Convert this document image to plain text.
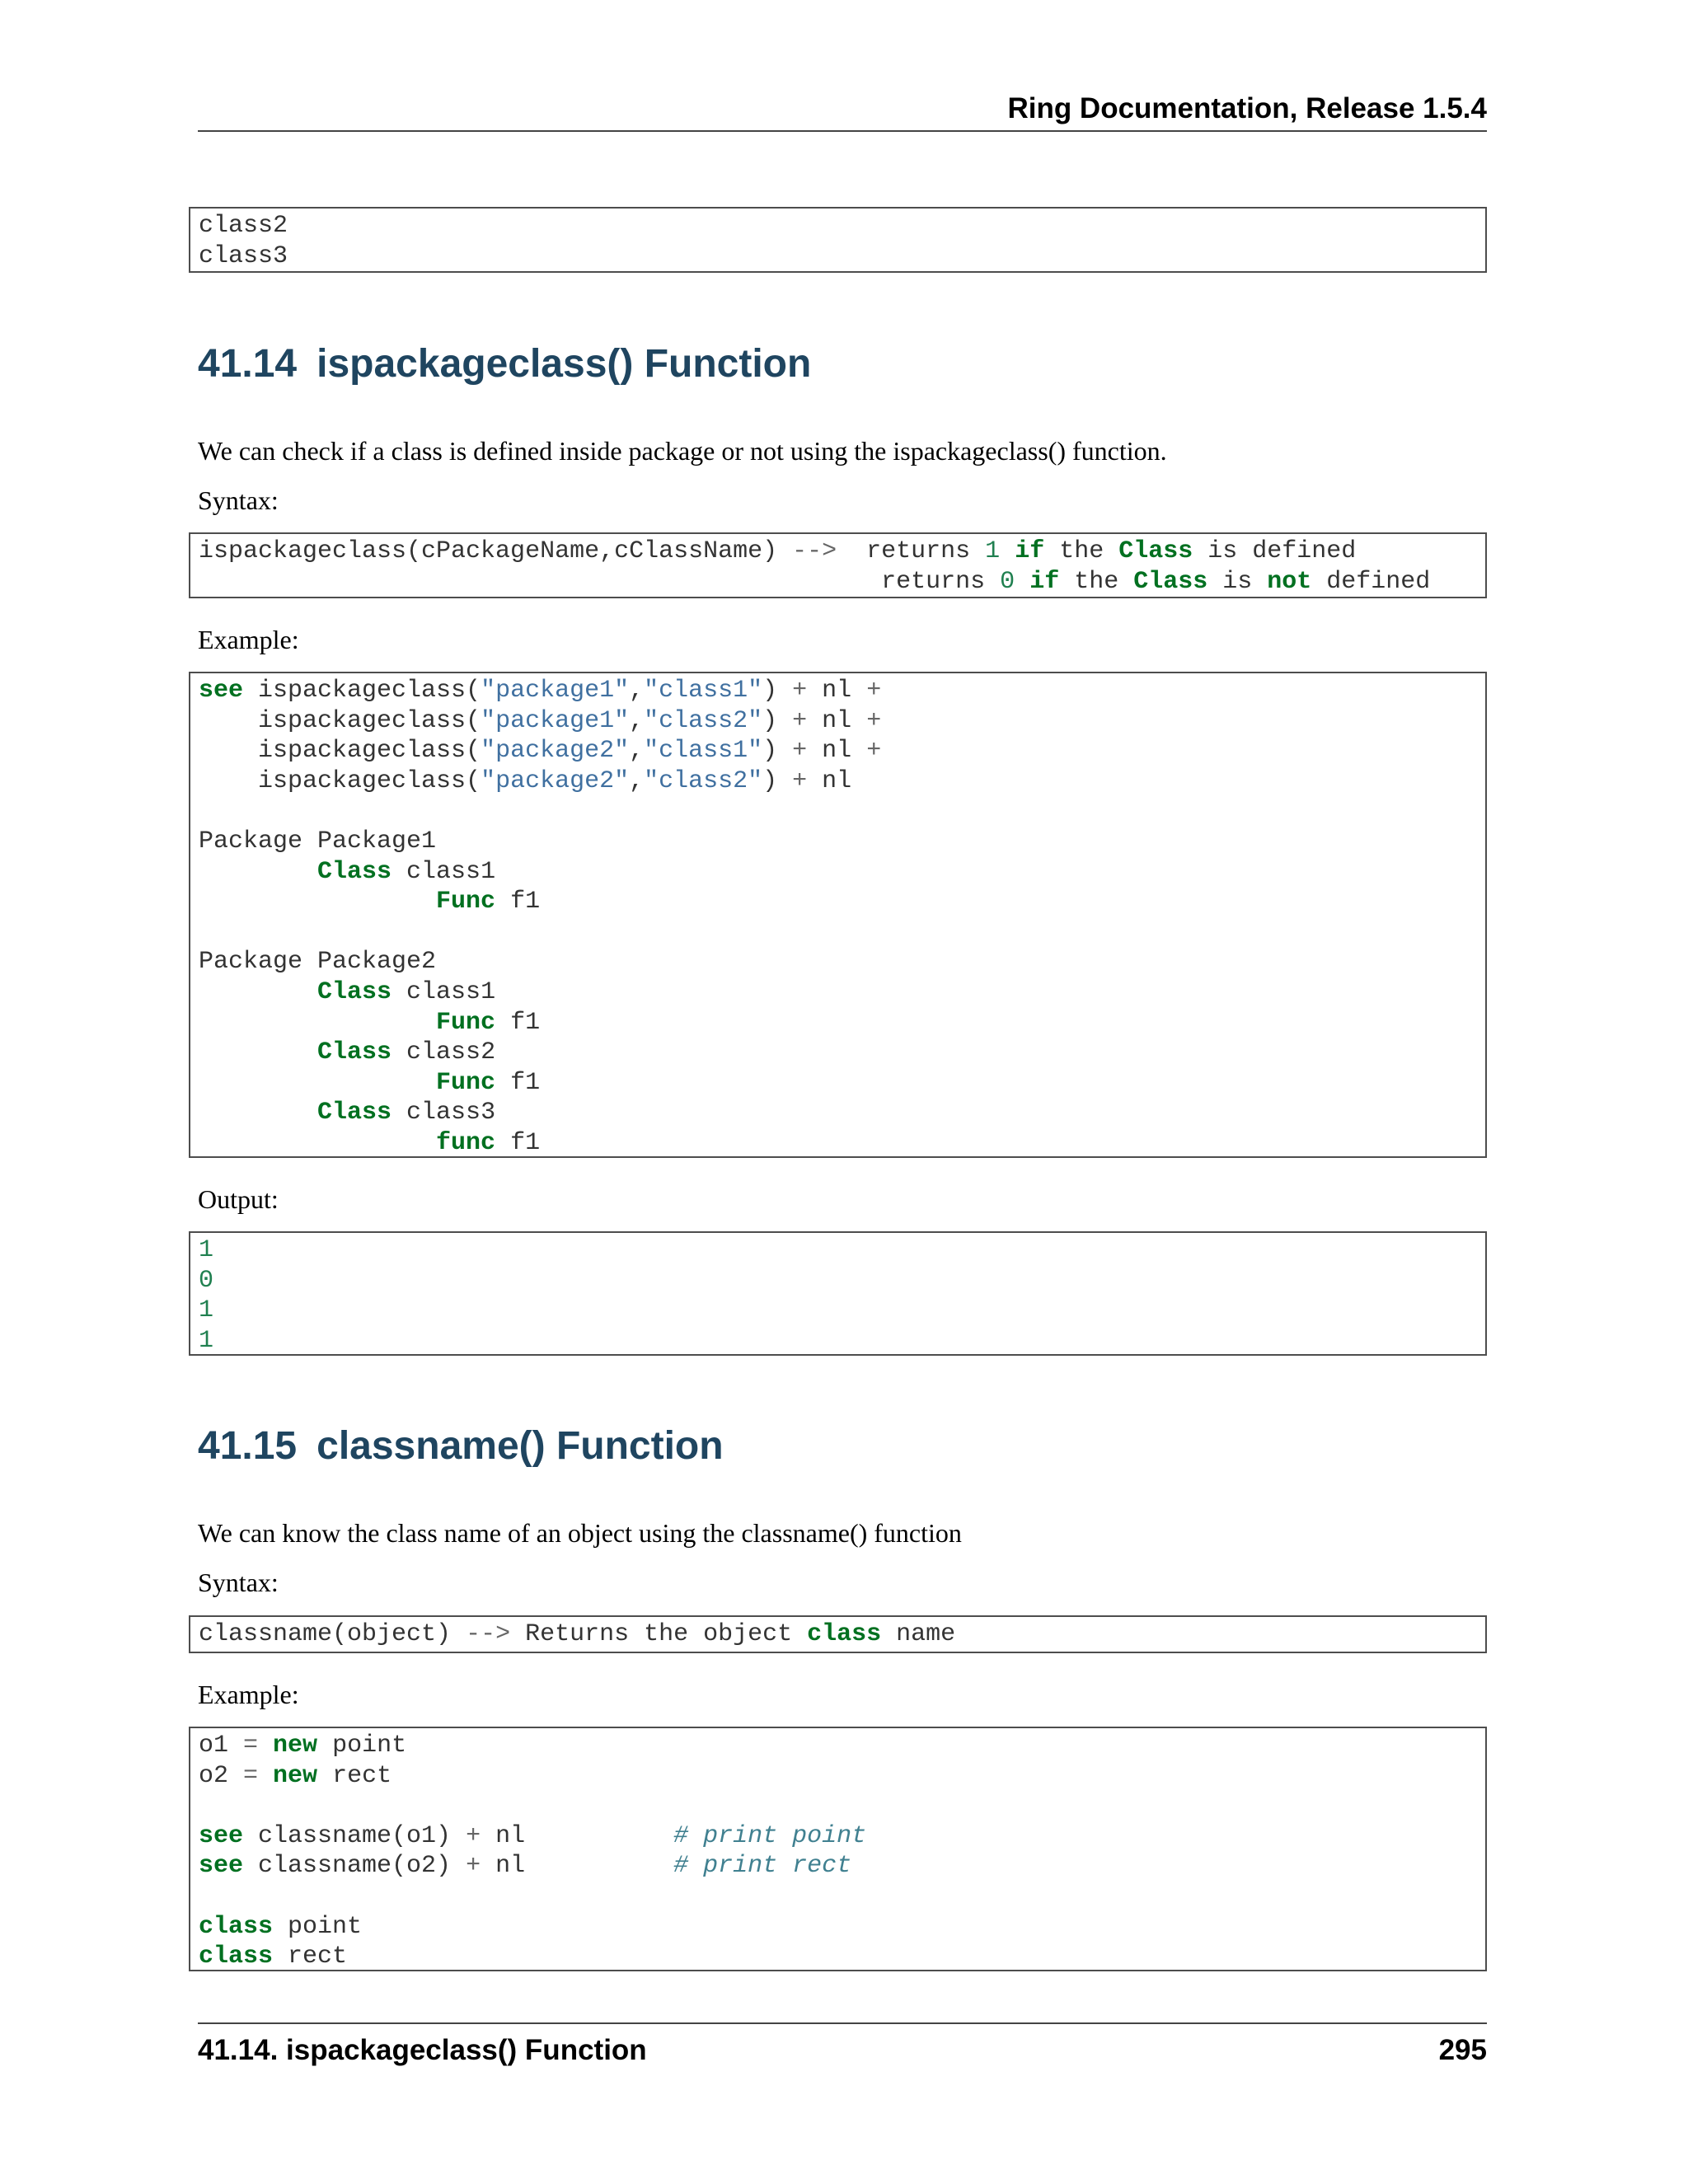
Ring Documentation, Release 1.5.4
class2
class3
41.14 ispackageclass() Function
We can check if a class is defined inside package or not using the ispackageclass() function.
Syntax:
ispackageclass(cPackageName,cClassName) -->  returns 1 if the Class is defined
returns 0 if the Class is not defined
Example:
see ispackageclass("package1","class1") + nl +
ispackageclass("package1","class2") + nl +
ispackageclass("package2","class1") + nl +
ispackageclass("package2","class2") + nl
Package Package1
Class class1
Func f1
Package Package2
Class class1
Func f1
Class class2
Func f1
Class class3
func f1
Output:
1
0
1
1
41.15 classname() Function
We can know the class name of an object using the classname() function
Syntax:
classname(object) --> Returns the object class name
Example:
o1 = new point
o2 = new rect
see classname(o1) + nl          # print point
see classname(o2) + nl          # print rect
class point
class rect
41.14. ispackageclass() Function	295
